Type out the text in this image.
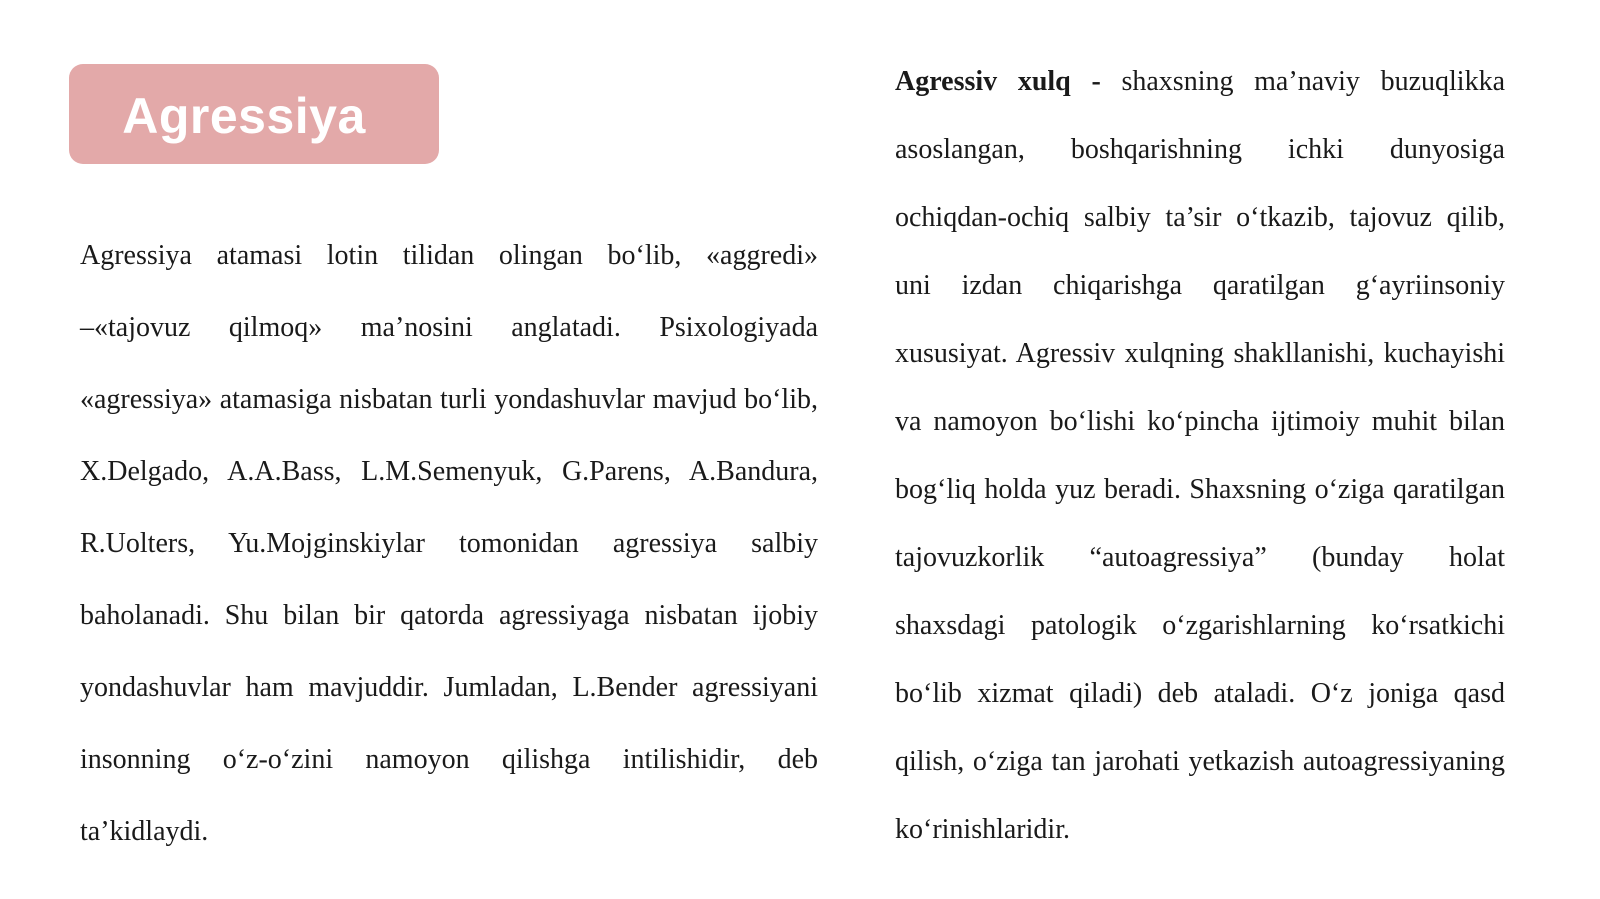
Agressiya

Agressiya atamasi lotin tilidan olingan bo‘lib, «aggredi» –«tajovuz qilmoq» ma’nosini anglatadi. Psixologiyada «agressiya» atamasiga nisbatan turli yondashuvlar mavjud bo‘lib, X.Delgado, A.A.Bass, L.M.Semenyuk, G.Parens, A.Bandura, R.Uolters, Yu.Mojginskiylar tomonidan agressiya salbiy baholanadi. Shu bilan bir qatorda agressiyaga nisbatan ijobiy yondashuvlar ham mavjuddir. Jumladan, L.Bender agressiyani insonning o‘z-o‘zini namoyon qilishga intilishidir, deb ta’kidlaydi.

Agressiv xulq - shaxsning ma’naviy buzuqlikka asoslangan, boshqarishning ichki dunyosiga ochiqdan-ochiq salbiy ta’sir o‘tkazib, tajovuz qilib, uni izdan chiqarishga qaratilgan g‘ayriinsoniy xususiyat. Agressiv xulqning shakllanishi, kuchayishi va namoyon bo‘lishi ko‘pincha ijtimoiy muhit bilan bog‘liq holda yuz beradi. Shaxsning o‘ziga qaratilgan tajovuzkorlik “autoagressiya” (bunday holat shaxsdagi patologik o‘zgarishlarning ko‘rsatkichi bo‘lib xizmat qiladi) deb ataladi. O‘z joniga qasd qilish, o‘ziga tan jarohati yetkazish autoagressiyaning ko‘rinishlaridir.
